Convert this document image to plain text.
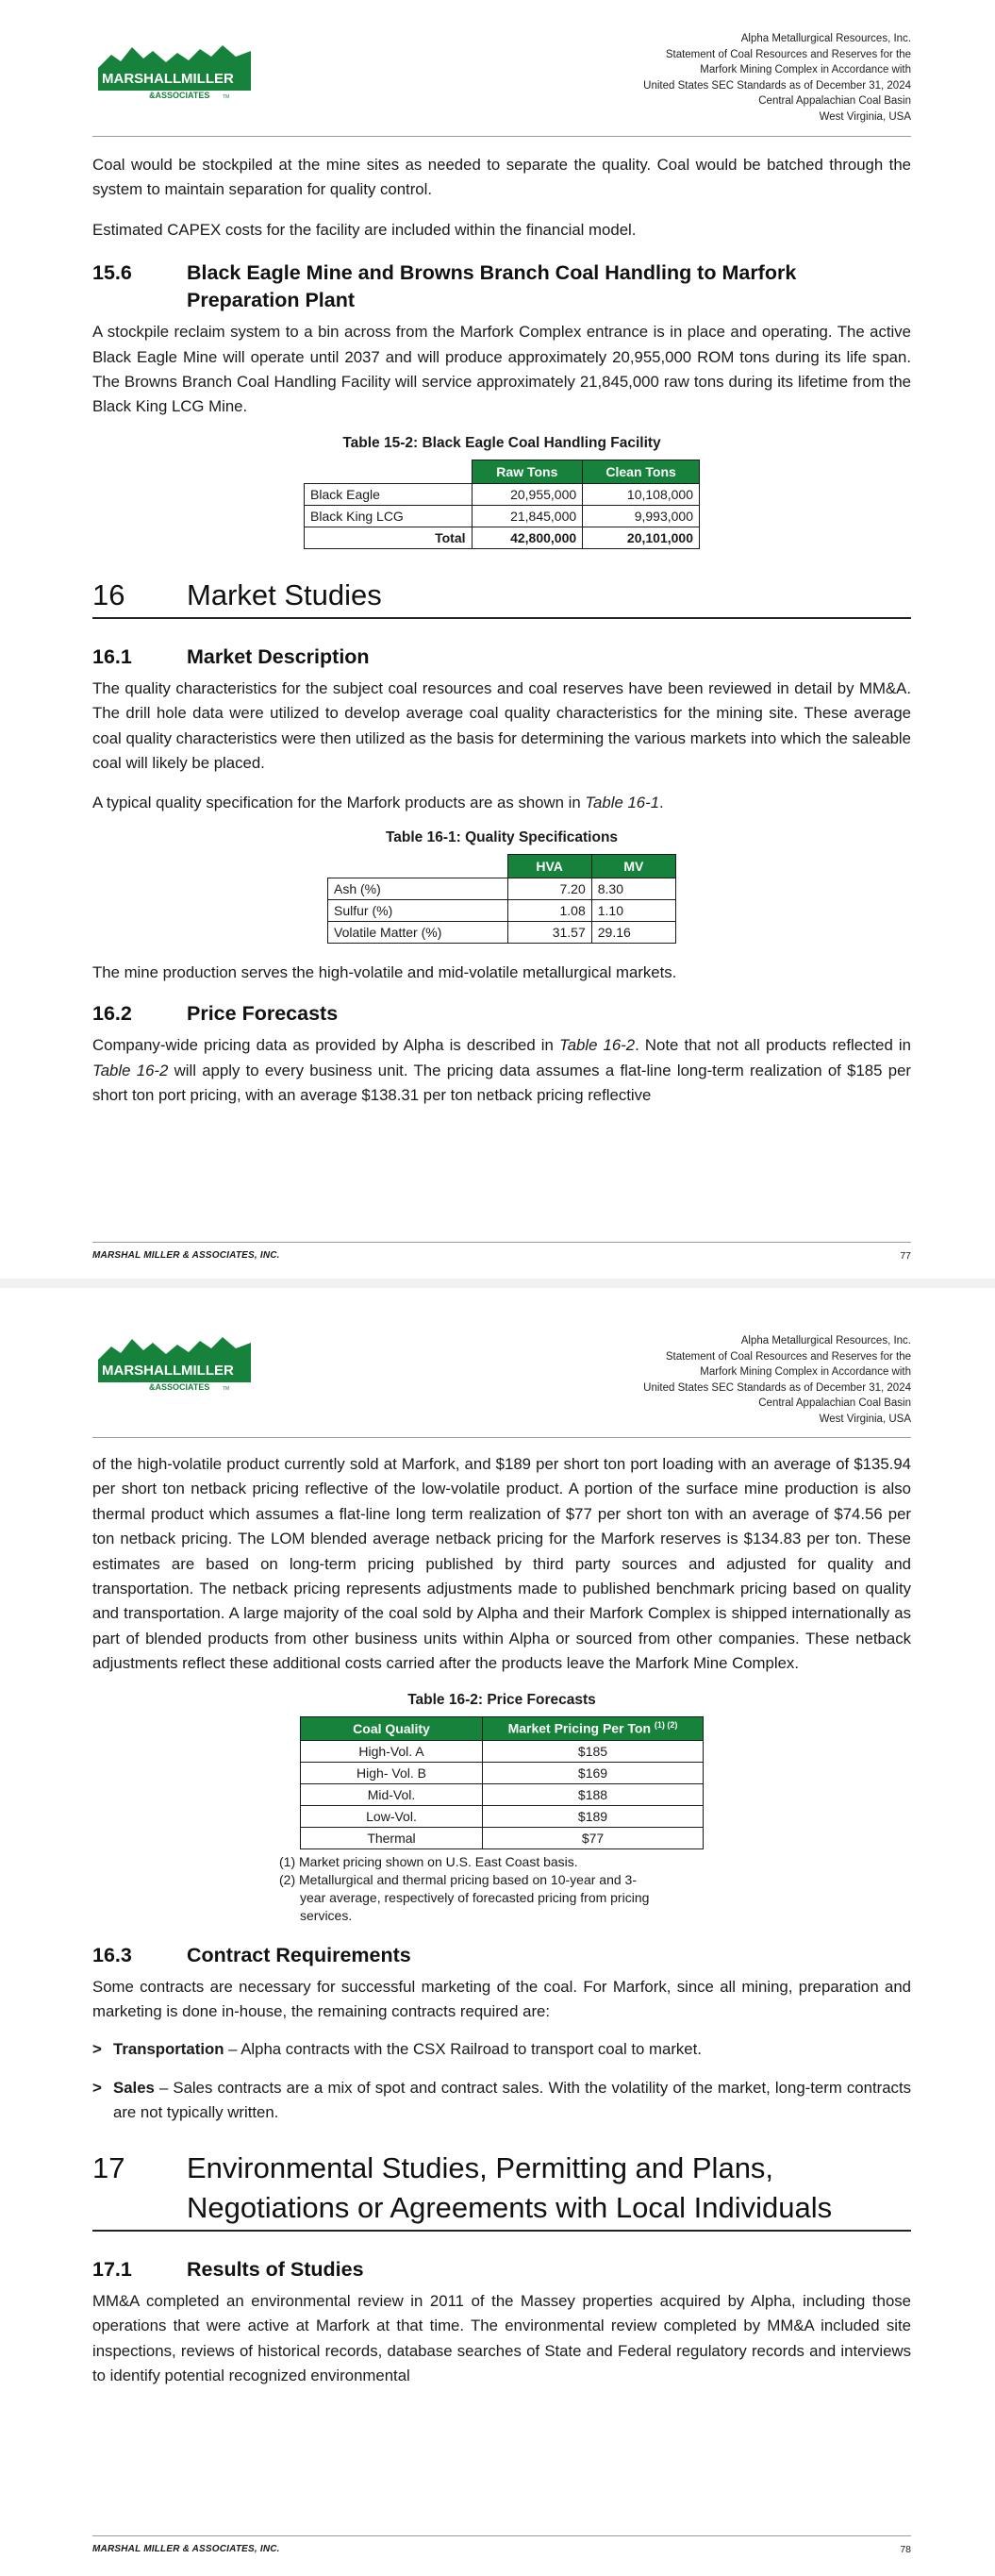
MARSHALL MILLER
&ASSOCIATES	TM
Alpha Metallurgical Resources, Inc.
Statement of Coal Resources and Reserves for the
Marfork Mining Complex in Accordance with
United States SEC Standards as of December 31, 2024
Central Appalachian Coal Basin
West Virginia, USA

Coal would be stockpiled at the mine sites as needed to separate the quality. Coal would be batched through the system to maintain separation for quality control.

Estimated CAPEX costs for the facility are included within the financial model.

15.6	Black Eagle Mine and Browns Branch Coal Handling to Marfork Preparation Plant

A stockpile reclaim system to a bin across from the Marfork Complex entrance is in place and operating. The active Black Eagle Mine will operate until 2037 and will produce approximately 20,955,000 ROM tons during its life span. The Browns Branch Coal Handling Facility will service approximately 21,845,000 raw tons during its lifetime from the Black King LCG Mine.

Table 15-2: Black Eagle Coal Handling Facility
	Raw Tons	Clean Tons
Black Eagle	20,955,000	10,108,000
Black King LCG	21,845,000	9,993,000
Total	42,800,000	20,101,000
16	Market Studies
16.1	Market Description

The quality characteristics for the subject coal resources and coal reserves have been reviewed in detail by MM&A. The drill hole data were utilized to develop average coal quality characteristics for the mining site. These average coal quality characteristics were then utilized as the basis for determining the various markets into which the saleable coal will likely be placed.

A typical quality specification for the Marfork products are as shown in Table 16-1.

Table 16-1: Quality Specifications
	HVA	MV
Ash (%)	7.20	8.30
Sulfur (%)	1.08	1.10
Volatile Matter (%)	31.57	29.16

The mine production serves the high-volatile and mid-volatile metallurgical markets.

16.2	Price Forecasts

Company-wide pricing data as provided by Alpha is described in Table 16-2. Note that not all products reflected in Table 16-2 will apply to every business unit. The pricing data assumes a flat-line long-term realization of $185 per short ton port pricing, with an average $138.31 per ton netback pricing reflective

MARSHAL MILLER & ASSOCIATES, INC.	77
MARSHALL MILLER
&ASSOCIATES	TM
Alpha Metallurgical Resources, Inc.
Statement of Coal Resources and Reserves for the
Marfork Mining Complex in Accordance with
United States SEC Standards as of December 31, 2024
Central Appalachian Coal Basin
West Virginia, USA

of the high-volatile product currently sold at Marfork, and $189 per short ton port loading with an average of $135.94 per short ton netback pricing reflective of the low-volatile product. A portion of the surface mine production is also thermal product which assumes a flat-line long term realization of $77 per short ton with an average of $74.56 per ton netback pricing. The LOM blended average netback pricing for the Marfork reserves is $134.83 per ton. These estimates are based on long-term pricing published by third party sources and adjusted for quality and transportation. The netback pricing represents adjustments made to published benchmark pricing based on quality and transportation. A large majority of the coal sold by Alpha and their Marfork Complex is shipped internationally as part of blended products from other business units within Alpha or sourced from other companies. These netback adjustments reflect these additional costs carried after the products leave the Marfork Mine Complex.

Table 16-2: Price Forecasts
Coal Quality	Market Pricing Per Ton $^{(1) (2)}$
High-Vol. A	$185
High- Vol. B	$169
Mid-Vol.	$188
Low-Vol.	$189
Thermal	$77
(1) Market pricing shown on U.S. East Coast basis.
(2) Metallurgical and thermal pricing based on 10-year and 3-
year average, respectively of forecasted pricing from pricing
services.
16.3	Contract Requirements

Some contracts are necessary for successful marketing of the coal. For Marfork, since all mining, preparation and marketing is done in-house, the remaining contracts required are:

> Transportation – Alpha contracts with the CSX Railroad to transport coal to market.
> Sales – Sales contracts are a mix of spot and contract sales. With the volatility of the market, long-term contracts are not typically written.
17	Environmental Studies, Permitting and Plans, Negotiations or Agreements with Local Individuals
17.1	Results of Studies

MM&A completed an environmental review in 2011 of the Massey properties acquired by Alpha, including those operations that were active at Marfork at that time. The environmental review completed by MM&A included site inspections, reviews of historical records, database searches of State and Federal regulatory records and interviews to identify potential recognized environmental

MARSHAL MILLER & ASSOCIATES, INC.	78
